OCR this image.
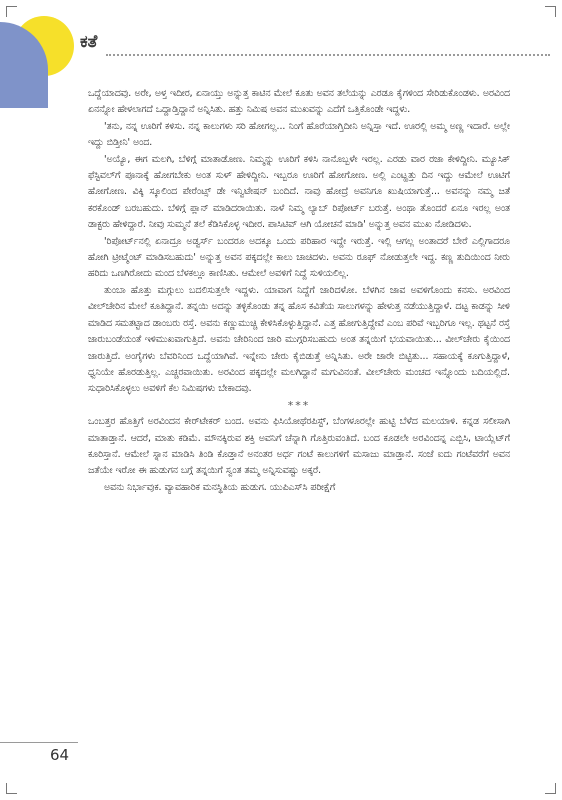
ಕತೆ

ಒದ್ದೆಯಾದವು. ಅರೇ, ಅಳ್ತ ಇದೀರ, ಏನಾಯ್ತು ಅನ್ನುತ್ತ ಕಾಟಿನ ಮೇಲೆ ಕೂತು ಅವನ ತಲೆಯನ್ನು ಎರಡೂ ಕೈಗಳಿಂದ ಸೇರಿಡುಕೊಂಡಳು. ಅರವಿಂದ ಏನನ್ನೋ ಹೇಳಲಾಗದೆ ಒದ್ದಾಡ್ತಿದ್ದಾನೆ ಅನ್ನಿಸಿತು. ಹತ್ತು ನಿಮಿಷ ಅವನ ಮುಖವನ್ನು ಎದೆಗೆ ಒತ್ತಿಕೊಂಡೇ ಇದ್ದಳು.

'ತನು, ನನ್ನ ಊರಿಗೆ ಕಳಿಸು. ನನ್ನ ಕಾಲುಗಳು ಸರಿ ಹೋಗಲ್ಲ... ನಿಂಗೆ ಹೊರೆಯಾಗ್ತಿದೀನಿ ಅನ್ನಿಸ್ತಾ ಇದೆ. ಊರಲ್ಲಿ ಅಮ್ಮ ಅಣ್ಣ ಇದಾರೆ. ಅಲ್ಲೇ ಇದ್ದು ಬಿಡ್ತೀನಿ' ಅಂದ.

'ಅಯ್ಯೊ, ಈಗ ಮಲಗಿ, ಬೆಳಿಗ್ಗೆ ಮಾತಾಡೋಣ. ನಿಮ್ಮನ್ನು ಊರಿಗೆ ಕಳಿಸಿ ನಾನೊಬ್ಬಳೇ ಇರಲ್ಲ. ಎರಡು ವಾರ ರಜಾ ಕೇಳಿದ್ದೀನಿ. ಮ್ಯೂಸಿಕ್ ಫೆಸ್ಟಿವಲ್‌ಗೆ ಪೂನಾಕ್ಕೆ ಹೋಗಬೇಕು ಅಂತ ಸುಳ್ ಹೇಳಿದ್ದೀನಿ. ಇಬ್ಬರೂ ಊರಿಗೆ ಹೋಗೋಣ. ಅಲ್ಲಿ ಎಂಟ್ಹತ್ತು ದಿನ ಇದ್ದು ಆಮೇಲೆ ಊಟಿಗೆ ಹೋಗೋಣ. ವಿಕ್ಕಿ ಸ್ಕೂಲಿಂದ ಪೇರೆಂಟ್ಸ್ ಡೇ ಇನ್ವಿಟೇಷನ್ ಬಂದಿದೆ. ನಾವು ಹೋದ್ರೆ ಅವನಿಗೂ ಖುಷಿಯಾಗುತ್ತೆ... ಅವನನ್ನು ನಮ್ಮ ಜತೆ ಕರಕೊಂಡ್ ಬರಬಹುದು. ಬೆಳಿಗ್ಗೆ ಪ್ಲಾನ್ ಮಾಡಿದರಾಯಿತು. ನಾಳೆ ನಿಮ್ಮ ಲ್ಯಾಬ್ ರಿಪೋರ್ಟ್ ಬರುತ್ತೆ. ಅಂಥಾ ತೊಂದರೆ ಏನೂ ಇರಲ್ಲ ಅಂತ ಡಾಕ್ಟರು ಹೇಳಿದ್ದಾರೆ. ನೀವು ಸುಮ್ಮನೆ ತಲೆ ಕೆಡಿಸಿಕೊಳ್ಳ ಇದೀರ. ಪಾಸಿಟಿವ್ ಆಗಿ ಯೋಚನೆ ಮಾಡಿ' ಅನ್ನುತ್ತ ಅವನ ಮುಖ ನೋಡಿದಳು.

'ರಿಪೋರ್ಟ್‌ನಲ್ಲಿ ಏನಾದ್ರೂ ಅಡ್ವರ್ಸ್ ಬಂದರೂ ಅದಕ್ಕೂ ಒಂದು ಪರಿಹಾರ ಇದ್ದೇ ಇರುತ್ತೆ. ಇಲ್ಲಿ ಆಗಲ್ಲ ಅಂತಾದರೆ ಬೇರೆ ಎಲ್ಲಿಗಾದರೂ ಹೋಗಿ ಟ್ರೀಟ್ಮೆಂಟ್ ಮಾಡಿಸಬಹುದು' ಅನ್ನುತ್ತ ಅವನ ಪಕ್ಕದಲ್ಲೇ ಕಾಲು ಚಾಚಿದಳು. ಅವನು ರೂಫ್ ನೋಡುತ್ತಲೇ ಇದ್ದ. ಕಣ್ಣ ತುದಿಯಿಂದ ನೀರು ಹರಿದು ಒಣಗಿರೋದು ಮಂದ ಬೆಳಕಲ್ಲೂ ಕಾಣಿಸಿತು. ಆಮೇಲೆ ಅವಳಿಗೆ ನಿದ್ದೆ ಸುಳಿಯಲಿಲ್ಲ.

ತುಂಬಾ ಹೊತ್ತು ಮಗ್ಗುಲು ಬದಲಿಸುತ್ತಲೇ ಇದ್ದಳು. ಯಾವಾಗ ನಿದ್ದೆಗೆ ಜಾರಿದಳೋ. ಬೆಳಗಿನ ಜಾವ ಅವಳಿಗೊಂದು ಕನಸು. ಅರವಿಂದ ವೀಲ್‌ಚೇರಿನ ಮೇಲೆ ಕೂತಿದ್ದಾನೆ. ತನ್ನಯಿ ಅದನ್ನು ತಳ್ಳಿಕೊಂಡು ತನ್ನ ಹೊಸ ಕವಿತೆಯ ಸಾಲುಗಳನ್ನು ಹೇಳುತ್ತ ನಡೆಯುತ್ತಿದ್ದಾಳೆ. ದಟ್ಟ ಕಾಡನ್ನು ಸೀಳಿ ಮಾಡಿದ ಸಮತಟ್ಟಾದ ಡಾಂಬರು ರಸ್ತೆ. ಅವನು ಕಣ್ಣುಮುಚ್ಚಿ ಕೇಳಿಸಿಕೊಳ್ಳುತ್ತಿದ್ದಾನೆ. ಎತ್ತ ಹೋಗುತ್ತಿದ್ದೇವೆ ಎಂಬ ಪರಿವೆ ಇಬ್ಬರಿಗೂ ಇಲ್ಲ. ಥಟ್ಟನೆ ರಸ್ತೆ ಜಾರುಬಂಡೆಯಂತೆ ಇಳಿಮುಖವಾಗುತ್ತಿದೆ. ಅವನು ಚೇರಿನಿಂದ ಜಾರಿ ಮುಗ್ಗರಿಸಬಹುದು ಅಂತ ತನ್ನಯಿಗೆ ಭಯವಾಯಿತು... ವೀಲ್‌ಚೇರು ಕೈಯಿಂದ ಜಾರುತ್ತಿದೆ. ಅಂಗೈಗಳು ಬೆವರಿನಿಂದ ಒದ್ದೆಯಾಗಿವೆ. ಇನ್ನೇನು ಚೇರು ಕೈಬಿಡುತ್ತೆ ಅನ್ನಿಸಿತು. ಅರೇ ಜಾರೇ ಬಿಟ್ಟಿತು... ಸಹಾಯಕ್ಕೆ ಕೂಗುತ್ತಿದ್ದಾಳೆ, ಧ್ವನಿಯೇ ಹೊರಡುತ್ತಿಲ್ಲ. ಎಚ್ಚರವಾಯಿತು. ಅರವಿಂದ ಪಕ್ಕದಲ್ಲೇ ಮಲಗಿದ್ದಾನೆ ಮಗುವಿನಂತೆ. ವೀಲ್‌ಚೇರು ಮಂಚದ ಇನ್ನೊಂದು ಬದಿಯಲ್ಲಿದೆ. ಸುಧಾರಿಸಿಕೊಳ್ಳಲು ಅವಳಿಗೆ ಕೆಲ ನಿಮಿಷಗಳು ಬೇಕಾದವು.

***

ಒಂಬತ್ತರ ಹೊತ್ತಿಗೆ ಅರವಿಂದನ ಕೇರ್‌ಟೇಕರ್ ಬಂದ. ಅವನು ಫಿಸಿಯೋಥೆರಪಿಸ್ಟ್, ಬೆಂಗಳೂರಲ್ಲೇ ಹುಟ್ಟಿ ಬೆಳೆದ ಮಲಯಾಳಿ. ಕನ್ನಡ ಸಲೀಸಾಗಿ ಮಾತಾಡ್ತಾನೆ. ಆದರೆ, ಮಾತು ಕಡಿಮೆ. ಮೌನಕ್ಕಿರುವ ಶಕ್ತಿ ಅವನಿಗೆ ಚೆನ್ನಾಗಿ ಗೊತ್ತಿರುವಂತಿದೆ. ಬಂದ ಕೂಡಲೇ ಅರವಿಂದನ್ನ ಎಬ್ಬಿಸಿ, ಟಾಯ್ಲೆಟ್‌ಗೆ ಕೂರಿಸ್ತಾನೆ. ಆಮೇಲೆ ಸ್ನಾನ ಮಾಡಿಸಿ ತಿಂಡಿ ಕೊಡ್ತಾನೆ ಅನಂತರ ಅರ್ಧ ಗಂಟೆ ಕಾಲುಗಳಿಗೆ ಮಸಾಜು ಮಾಡ್ತಾನೆ. ಸಂಜೆ ಐದು ಗಂಟೆವರೆಗೆ ಅವನ ಜತೆಯೇ ಇರೋ ಈ ಹುಡುಗನ ಬಗ್ಗೆ ತನ್ನಯಿಗೆ ಸ್ವಂತ ತಮ್ಮ ಅನ್ನಿಸುವಷ್ಟು ಅಕ್ಕರೆ.

ಅವನು ನಿರ್ಭಾವುಕ. ವ್ಯಾವಹಾರಿಕ ಮನಸ್ಥಿತಿಯ ಹುಡುಗ. ಯುಪಿಎಸ್‌ಸಿ ಪರೀಕ್ಷೆಗೆ

64
